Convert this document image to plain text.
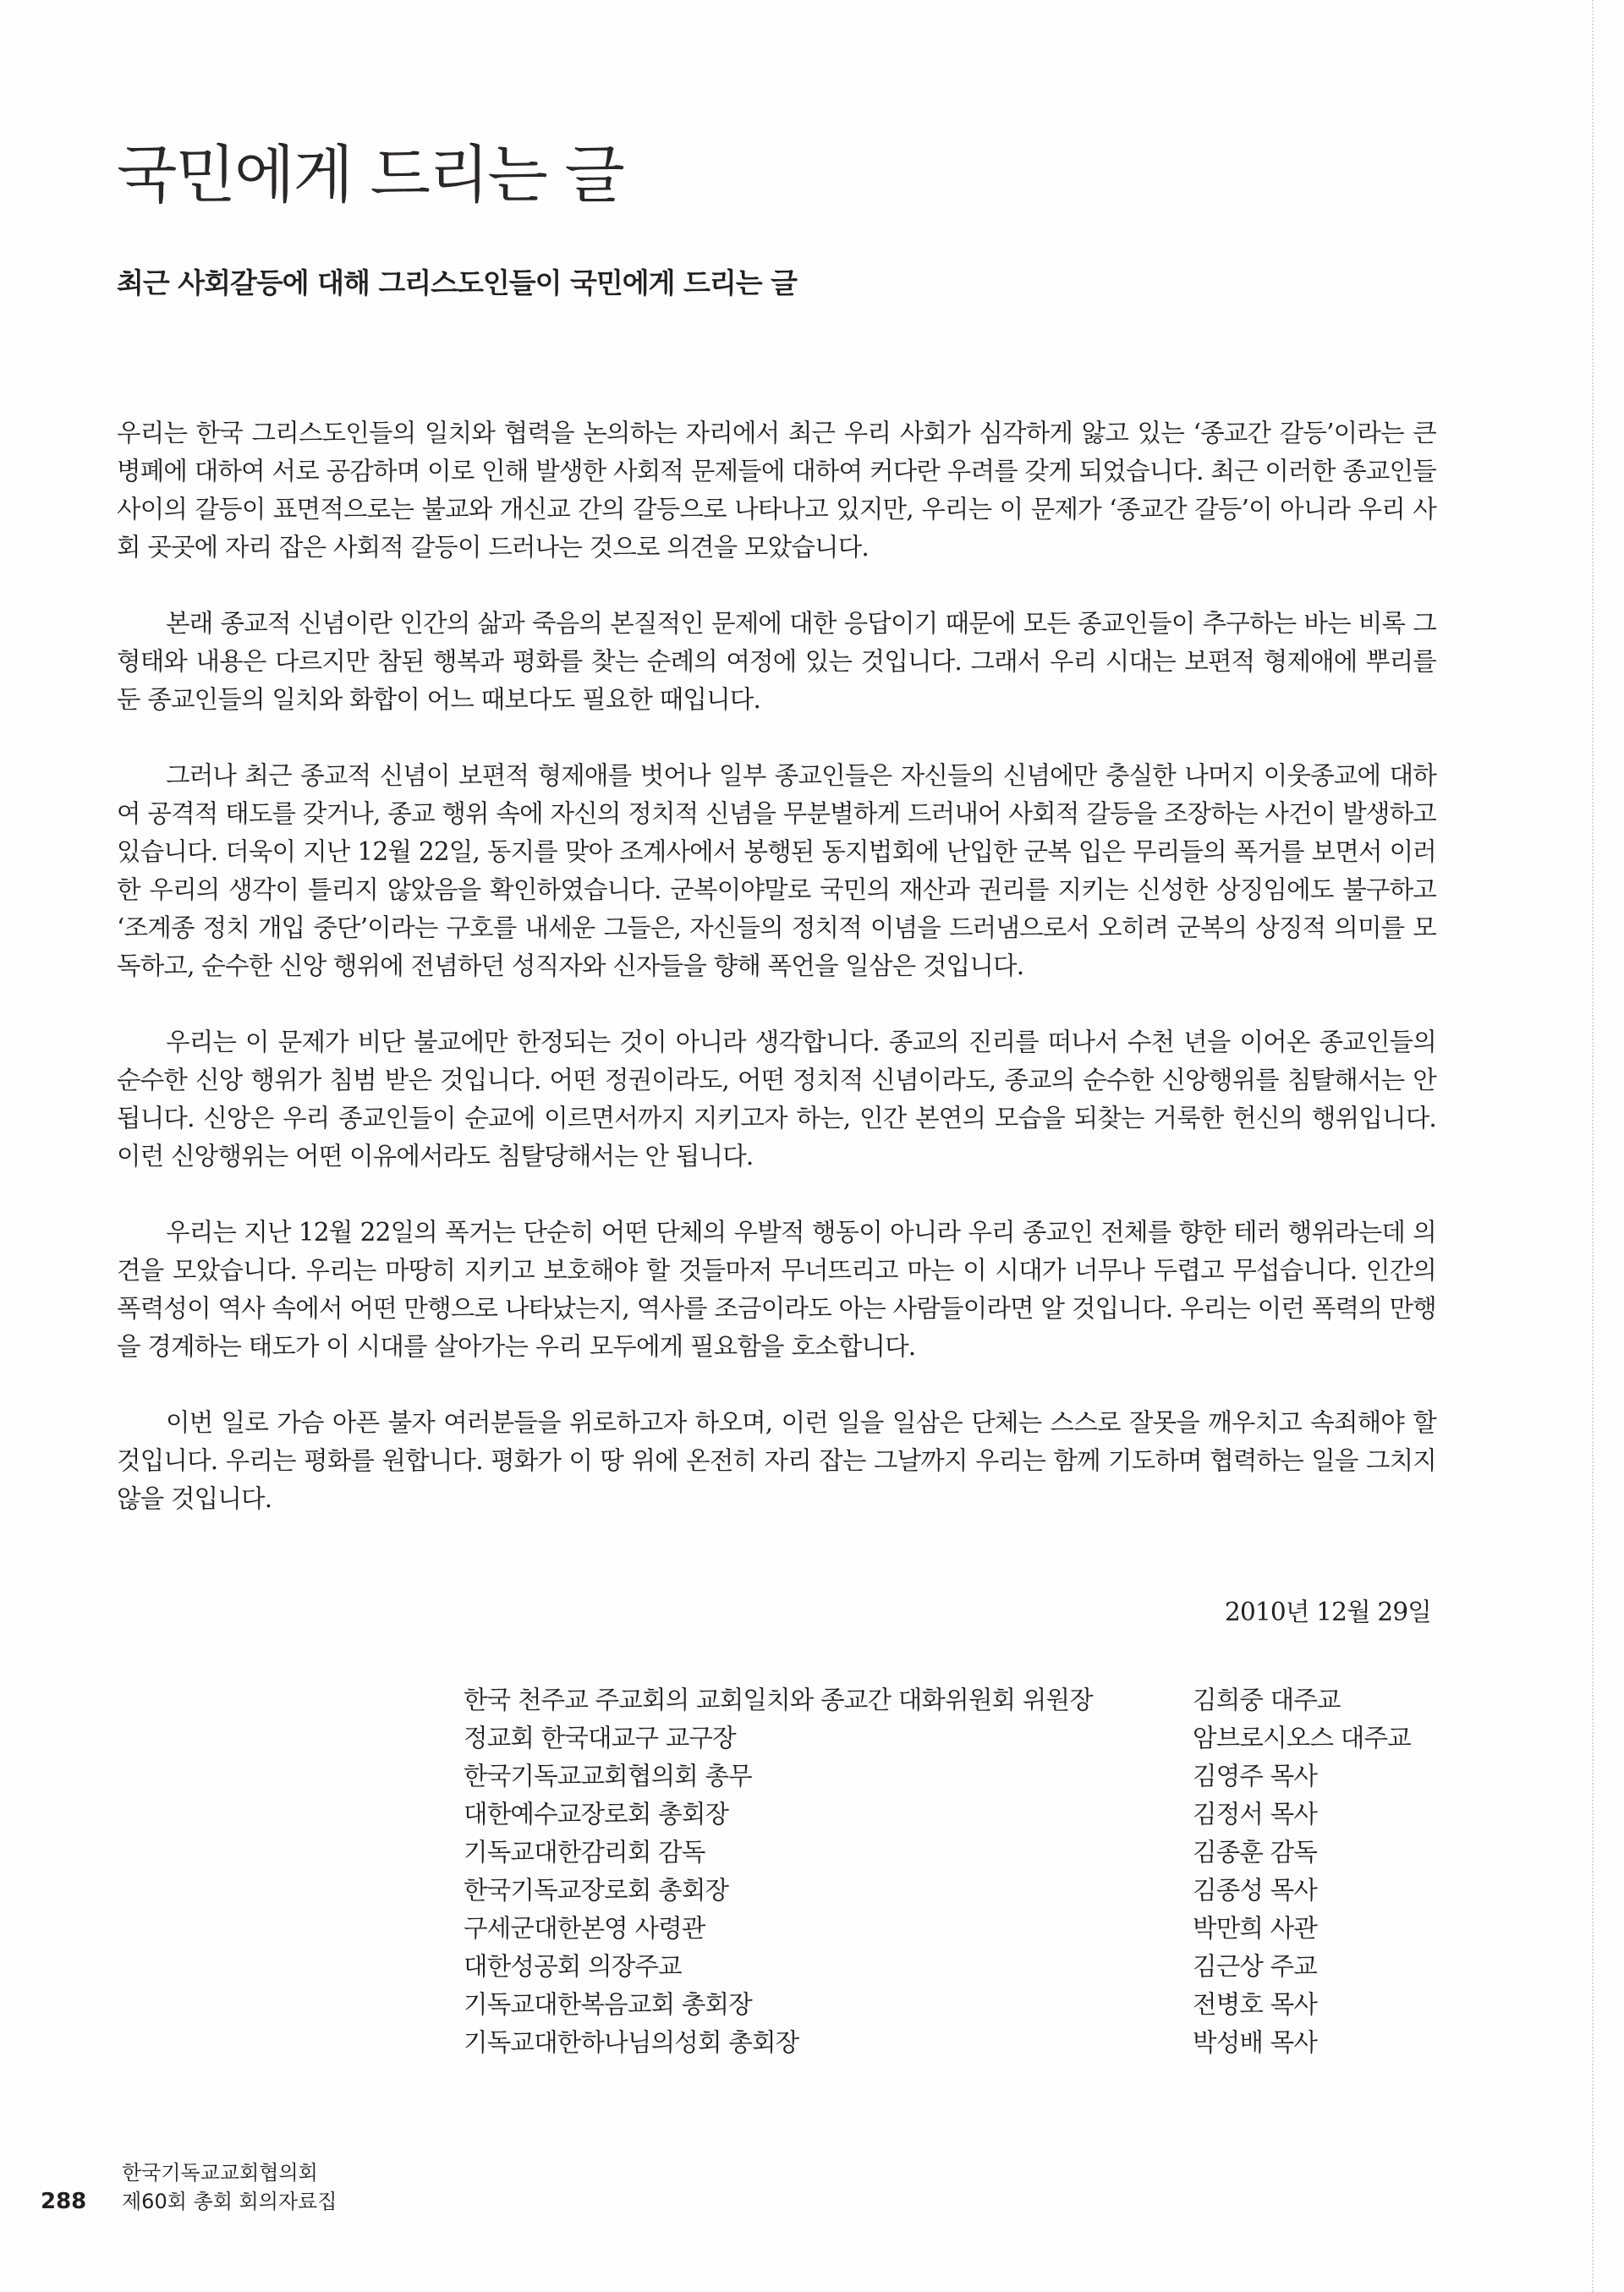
국민에게 드리는 글
최근 사회갈등에 대해 그리스도인들이 국민에게 드리는 글

우리는 한국 그리스도인들의 일치와 협력을 논의하는 자리에서 최근 우리 사회가 심각하게 앓고 있는 ‘종교간 갈등’이라는 큰 병폐에 대하여 서로 공감하며 이로 인해 발생한 사회적 문제들에 대하여 커다란 우려를 갖게 되었습니다. 최근 이러한 종교인들 사이의 갈등이 표면적으로는 불교와 개신교 간의 갈등으로 나타나고 있지만, 우리는 이 문제가 ‘종교간 갈등’이 아니라 우리 사회 곳곳에 자리 잡은 사회적 갈등이 드러나는 것으로 의견을 모았습니다.

본래 종교적 신념이란 인간의 삶과 죽음의 본질적인 문제에 대한 응답이기 때문에 모든 종교인들이 추구하는 바는 비록 그 형태와 내용은 다르지만 참된 행복과 평화를 찾는 순례의 여정에 있는 것입니다. 그래서 우리 시대는 보편적 형제애에 뿌리를 둔 종교인들의 일치와 화합이 어느 때보다도 필요한 때입니다.

그러나 최근 종교적 신념이 보편적 형제애를 벗어나 일부 종교인들은 자신들의 신념에만 충실한 나머지 이웃종교에 대하여 공격적 태도를 갖거나, 종교 행위 속에 자신의 정치적 신념을 무분별하게 드러내어 사회적 갈등을 조장하는 사건이 발생하고 있습니다. 더욱이 지난 12월 22일, 동지를 맞아 조계사에서 봉행된 동지법회에 난입한 군복 입은 무리들의 폭거를 보면서 이러한 우리의 생각이 틀리지 않았음을 확인하였습니다. 군복이야말로 국민의 재산과 권리를 지키는 신성한 상징임에도 불구하고 ‘조계종 정치 개입 중단’이라는 구호를 내세운 그들은, 자신들의 정치적 이념을 드러냄으로서 오히려 군복의 상징적 의미를 모독하고, 순수한 신앙 행위에 전념하던 성직자와 신자들을 향해 폭언을 일삼은 것입니다.

우리는 이 문제가 비단 불교에만 한정되는 것이 아니라 생각합니다. 종교의 진리를 떠나서 수천 년을 이어온 종교인들의 순수한 신앙 행위가 침범 받은 것입니다. 어떤 정권이라도, 어떤 정치적 신념이라도, 종교의 순수한 신앙행위를 침탈해서는 안 됩니다. 신앙은 우리 종교인들이 순교에 이르면서까지 지키고자 하는, 인간 본연의 모습을 되찾는 거룩한 헌신의 행위입니다. 이런 신앙행위는 어떤 이유에서라도 침탈당해서는 안 됩니다.

우리는 지난 12월 22일의 폭거는 단순히 어떤 단체의 우발적 행동이 아니라 우리 종교인 전체를 향한 테러 행위라는데 의견을 모았습니다. 우리는 마땅히 지키고 보호해야 할 것들마저 무너뜨리고 마는 이 시대가 너무나 두렵고 무섭습니다. 인간의 폭력성이 역사 속에서 어떤 만행으로 나타났는지, 역사를 조금이라도 아는 사람들이라면 알 것입니다. 우리는 이런 폭력의 만행을 경계하는 태도가 이 시대를 살아가는 우리 모두에게 필요함을 호소합니다.

이번 일로 가슴 아픈 불자 여러분들을 위로하고자 하오며, 이런 일을 일삼은 단체는 스스로 잘못을 깨우치고 속죄해야 할 것입니다. 우리는 평화를 원합니다. 평화가 이 땅 위에 온전히 자리 잡는 그날까지 우리는 함께 기도하며 협력하는 일을 그치지 않을 것입니다.

2010년 12월 29일
한국 천주교 주교회의 교회일치와 종교간 대화위원회 위원장	김희중 대주교
정교회 한국대교구 교구장	암브로시오스 대주교
한국기독교교회협의회 총무	김영주 목사
대한예수교장로회 총회장	김정서 목사
기독교대한감리회 감독	김종훈 감독
한국기독교장로회 총회장	김종성 목사
구세군대한본영 사령관	박만희 사관
대한성공회 의장주교	김근상 주교
기독교대한복음교회 총회장	전병호 목사
기독교대한하나님의성회 총회장	박성배 목사
288
한국기독교교회협의회
제60회 총회 회의자료집
